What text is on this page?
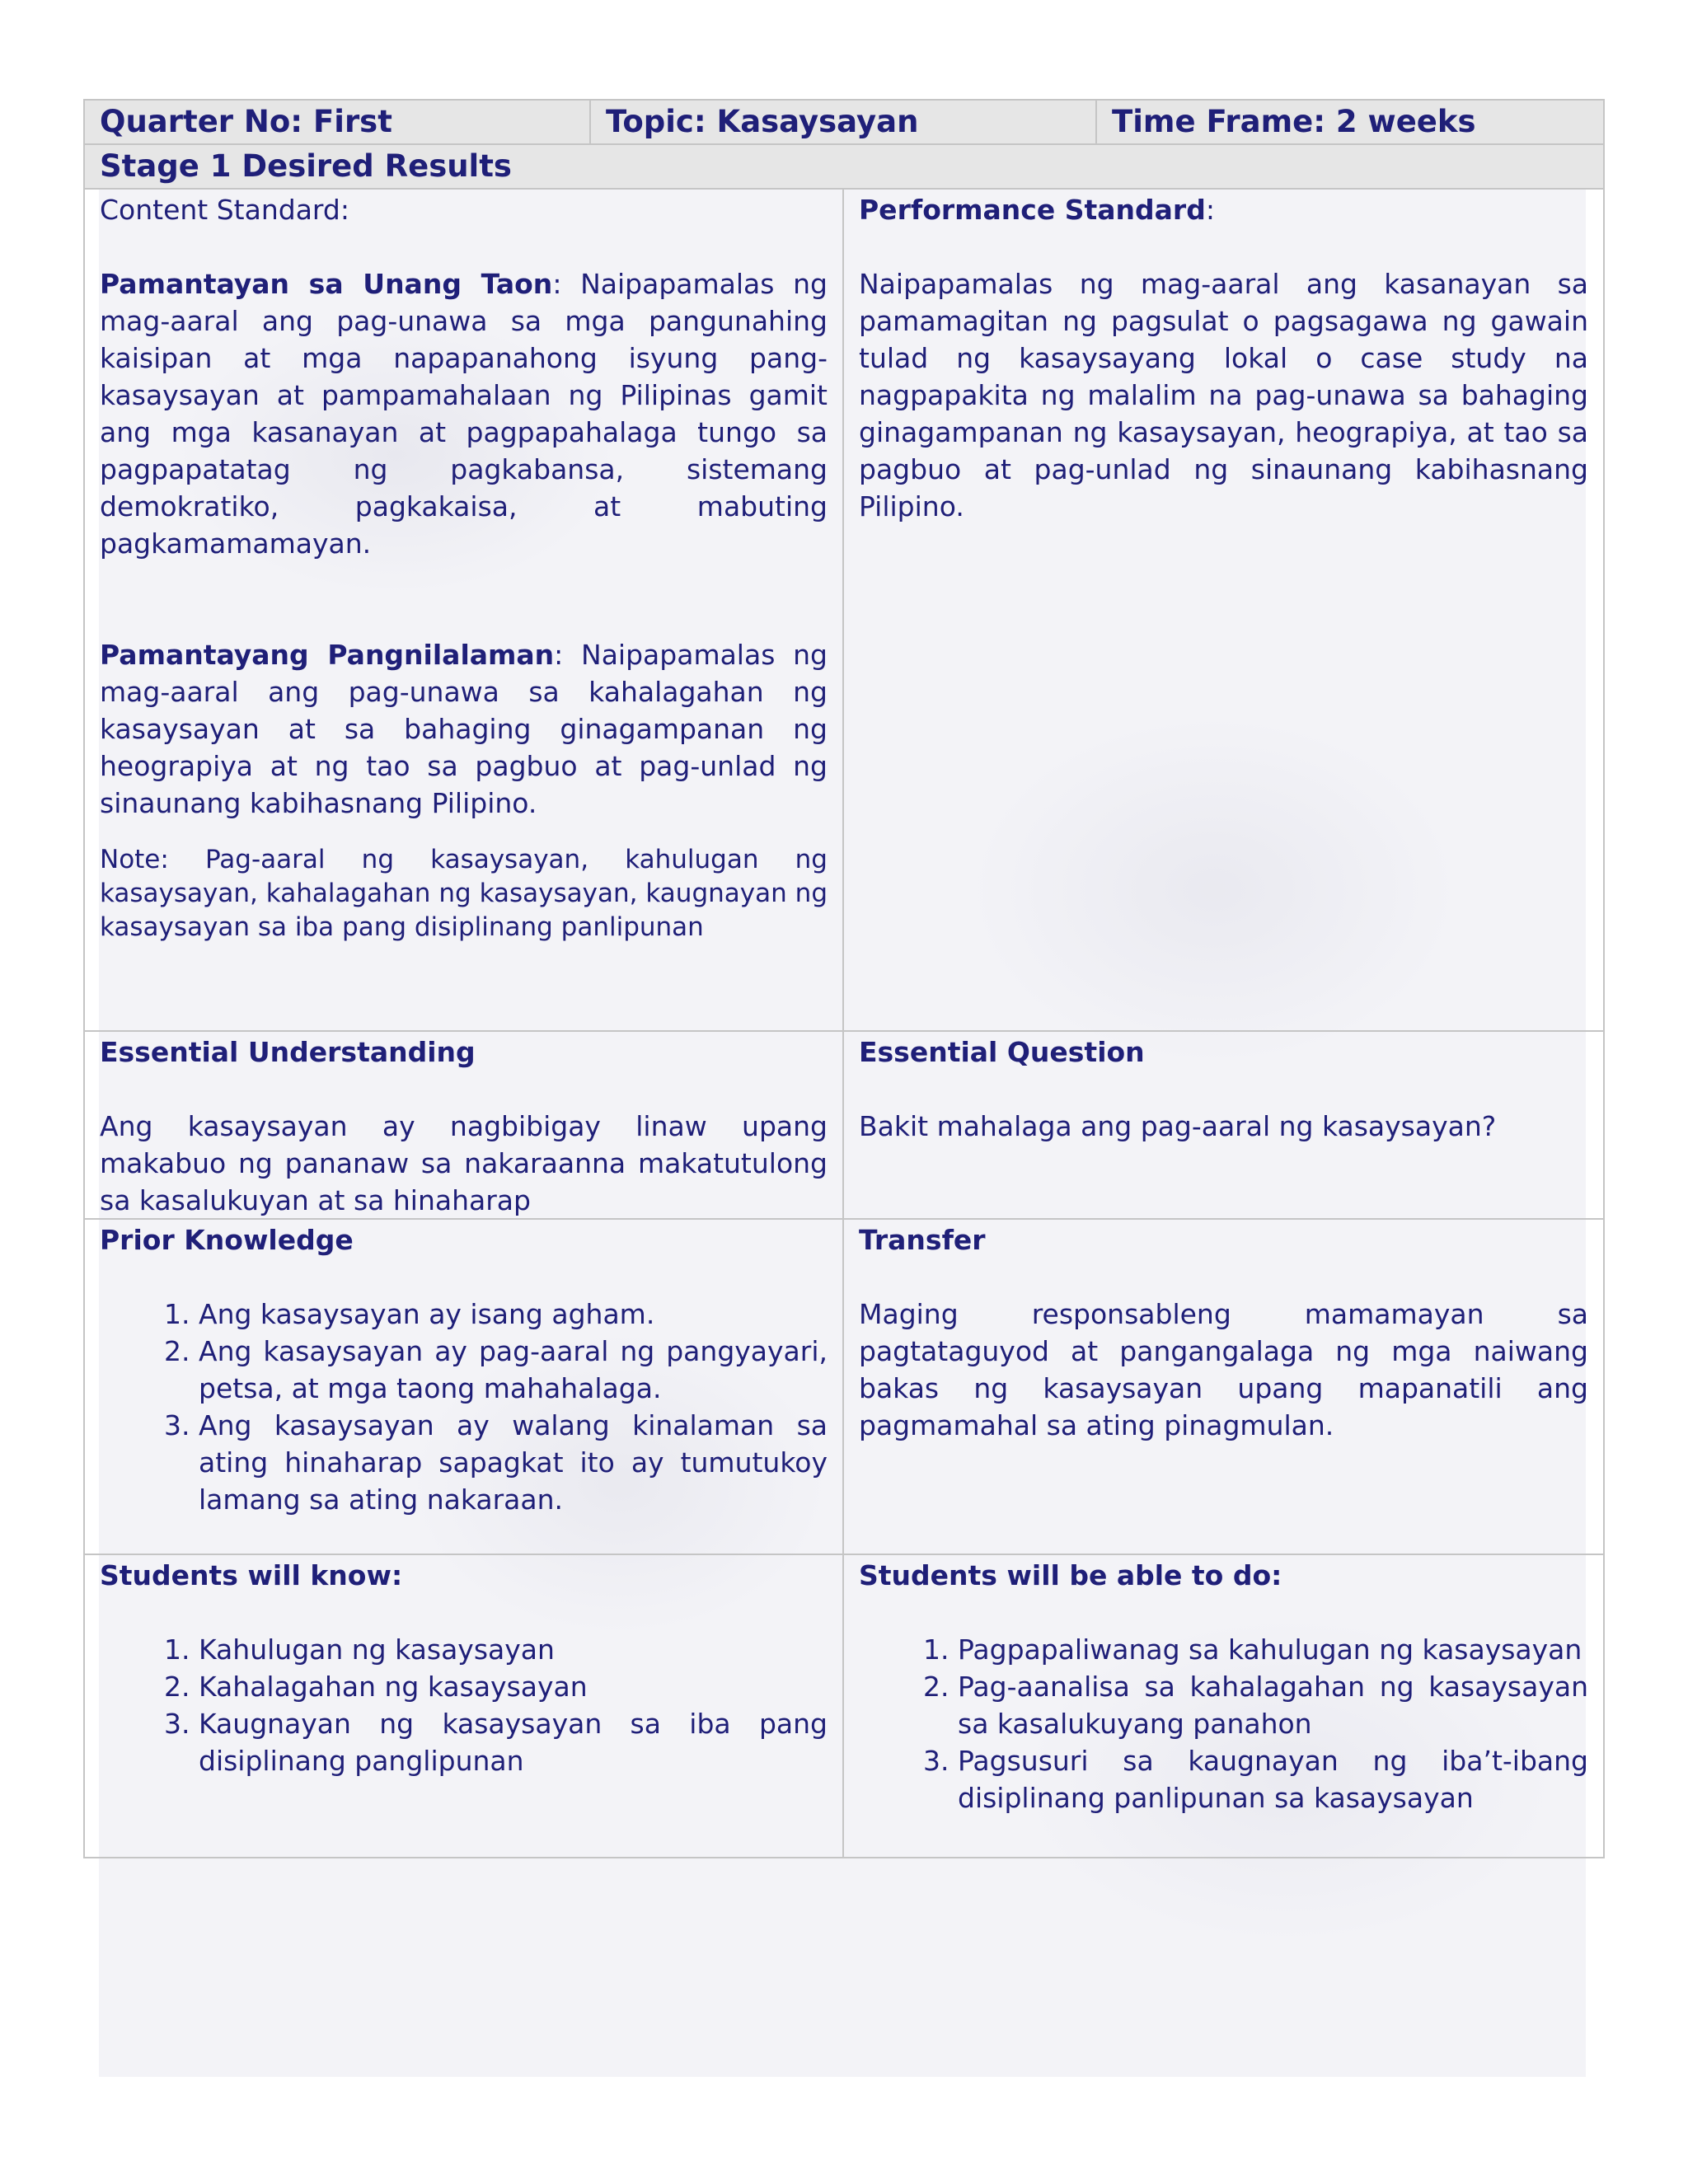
Quarter No: First	Topic: Kasaysayan	Time Frame: 2 weeks
Stage 1 Desired Results
Content Standard:

Pamantayan sa Unang Taon: Naipapamalas ng mag-aaral ang pag-unawa sa mga pangunahing kaisipan at mga napapanahong isyung pang-kasaysayan at pampamahalaan ng Pilipinas gamit ang mga kasanayan at pagpapahalaga tungo sa pagpapatatag ng pagkabansa, sistemang demokratiko, pagkakaisa, at mabuting pagkamamamayan.

Pamantayang Pangnilalaman: Naipapamalas ng mag-aaral ang pag-unawa sa kahalagahan ng kasaysayan at sa bahaging ginagampanan ng heograpiya at ng tao sa pagbuo at pag-unlad ng sinaunang kabihasnang Pilipino.

Note: Pag-aaral ng kasaysayan, kahulugan ng kasaysayan, kahalagahan ng kasaysayan, kaugnayan ng kasaysayan sa iba pang disiplinang panlipunan
Performance Standard:

Naipapamalas ng mag-aaral ang kasanayan sa pamamagitan ng pagsulat o pagsagawa ng gawain tulad ng kasaysayang lokal o case study na nagpapakita ng malalim na pag-unawa sa bahaging ginagampanan ng kasaysayan, heograpiya, at tao sa pagbuo at pag-unlad ng sinaunang kabihasnang Pilipino.

Essential Understanding

Ang kasaysayan ay nagbibigay linaw upang makabuo ng pananaw sa nakaraanna makatutulong sa kasalukuyan at sa hinaharap

Essential Question

Bakit mahalaga ang pag-aaral ng kasaysayan?

Prior Knowledge
1. Ang kasaysayan ay isang agham.
2. Ang kasaysayan ay pag-aaral ng pangyayari, petsa, at mga taong mahahalaga.
3. Ang kasaysayan ay walang kinalaman sa ating hinaharap sapagkat ito ay tumutukoy lamang sa ating nakaraan.
Transfer

Maging responsableng mamamayan sa pagtataguyod at pangangalaga ng mga naiwang bakas ng kasaysayan upang mapanatili ang pagmamahal sa ating pinagmulan.

Students will know:
1. Kahulugan ng kasaysayan
2. Kahalagahan ng kasaysayan
3. Kaugnayan ng kasaysayan sa iba pang disiplinang panglipunan
Students will be able to do:
1. Pagpapaliwanag sa kahulugan ng kasaysayan
2. Pag-aanalisa sa kahalagahan ng kasaysayan sa kasalukuyang panahon
3. Pagsusuri sa kaugnayan ng iba’t-ibang disiplinang panlipunan sa kasaysayan
